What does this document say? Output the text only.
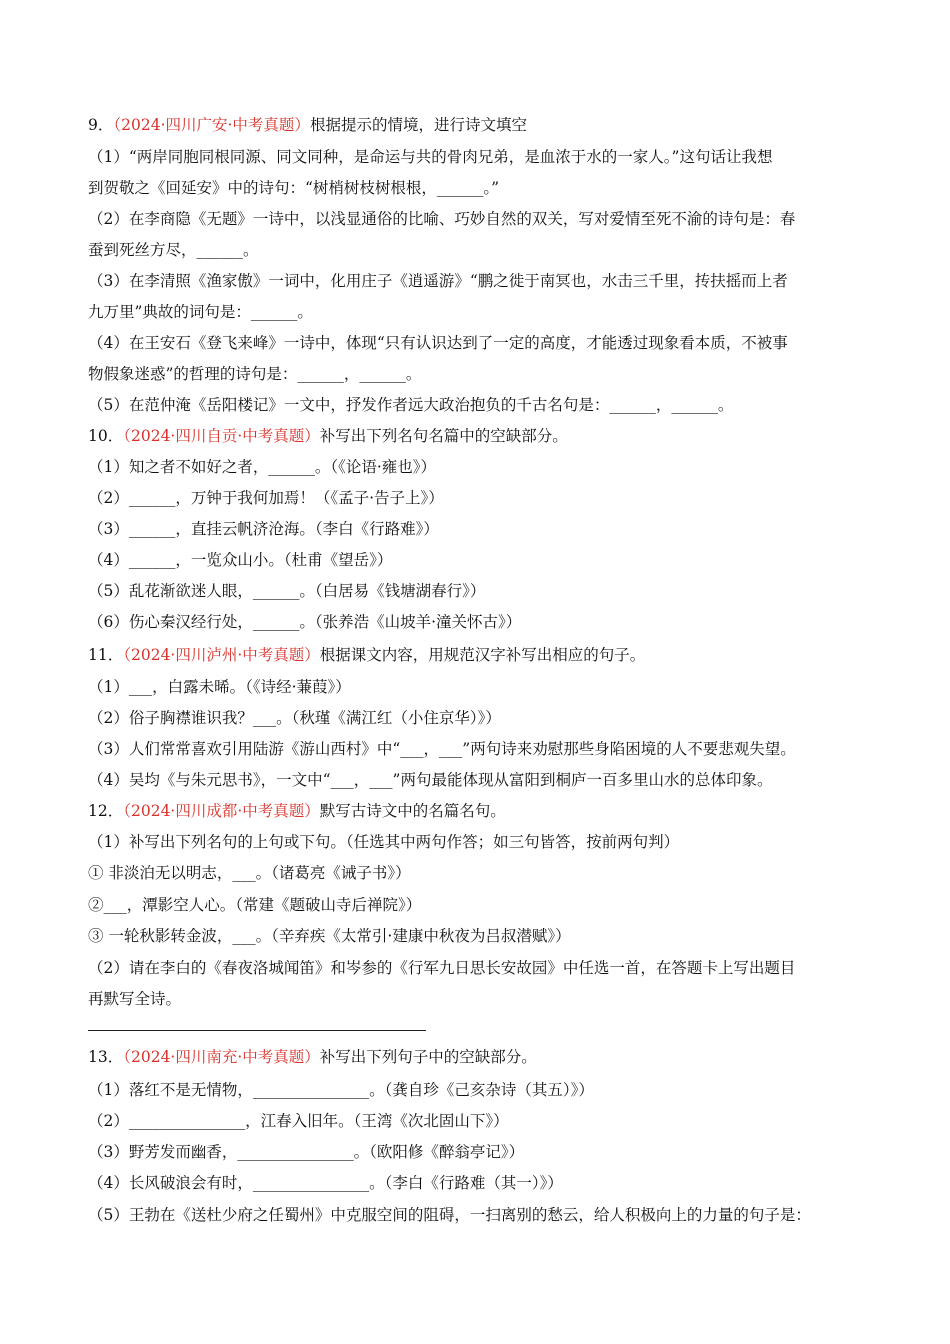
9．（2024·四川广安·中考真题）根据提示的情境，进行诗文填空
（1）“两岸同胞同根同源、同文同种，是命运与共的骨肉兄弟，是血浓于水的一家人。”这句话让我想
到贺敬之《回延安》中的诗句：“树梢树枝树根根，______。”
（2）在李商隐《无题》一诗中，以浅显通俗的比喻、巧妙自然的双关，写对爱情至死不渝的诗句是：春
蚕到死丝方尽，______。
（3）在李清照《渔家傲》一词中，化用庄子《逍遥游》“鹏之徙于南冥也，水击三千里，抟扶摇而上者
九万里”典故的词句是：______。
（4）在王安石《登飞来峰》一诗中，体现“只有认识达到了一定的高度，才能透过现象看本质，不被事
物假象迷惑”的哲理的诗句是：______，______。
（5）在范仲淹《岳阳楼记》一文中，抒发作者远大政治抱负的千古名句是：______，______。
10．（2024·四川自贡·中考真题）补写出下列名句名篇中的空缺部分。
（1）知之者不如好之者，______。（《论语·雍也》）
（2）______，万钟于我何加焉！（《孟子·告子上》）
（3）______，直挂云帆济沧海。（李白《行路难》）
（4）______，一览众山小。（杜甫《望岳》）
（5）乱花渐欲迷人眼，______。（白居易《钱塘湖春行》）
（6）伤心秦汉经行处，______。（张养浩《山坡羊·潼关怀古》）
11．（2024·四川泸州·中考真题）根据课文内容，用规范汉字补写出相应的句子。
（1）___，白露未晞。（《诗经·蒹葭》）
（2）俗子胸襟谁识我？___。（秋瑾《满江红（小住京华）》）
（3）人们常常喜欢引用陆游《游山西村》中“___，___”两句诗来劝慰那些身陷困境的人不要悲观失望。
（4）吴均《与朱元思书》，一文中“___，___”两句最能体现从富阳到桐庐一百多里山水的总体印象。
12．（2024·四川成都·中考真题）默写古诗文中的名篇名句。
（1）补写出下列名句的上句或下句。（任选其中两句作答；如三句皆答，按前两句判）
① 非淡泊无以明志，___。（诸葛亮《诫子书》）
②___，潭影空人心。（常建《题破山寺后禅院》）
③ 一轮秋影转金波，___。（辛弃疾《太常引·建康中秋夜为吕叔潜赋》）
（2）请在李白的《春夜洛城闻笛》和岑参的《行军九日思长安故园》中任选一首，在答题卡上写出题目
再默写全诗。
13．（2024·四川南充·中考真题）补写出下列句子中的空缺部分。
（1）落红不是无情物，_______________。（龚自珍《己亥杂诗（其五）》）
（2）_______________，江春入旧年。（王湾《次北固山下》）
（3）野芳发而幽香，_______________。（欧阳修《醉翁亭记》）
（4）长风破浪会有时，_______________。（李白《行路难（其一）》）
（5）王勃在《送杜少府之任蜀州》中克服空间的阻碍，一扫离别的愁云，给人积极向上的力量的句子是：
